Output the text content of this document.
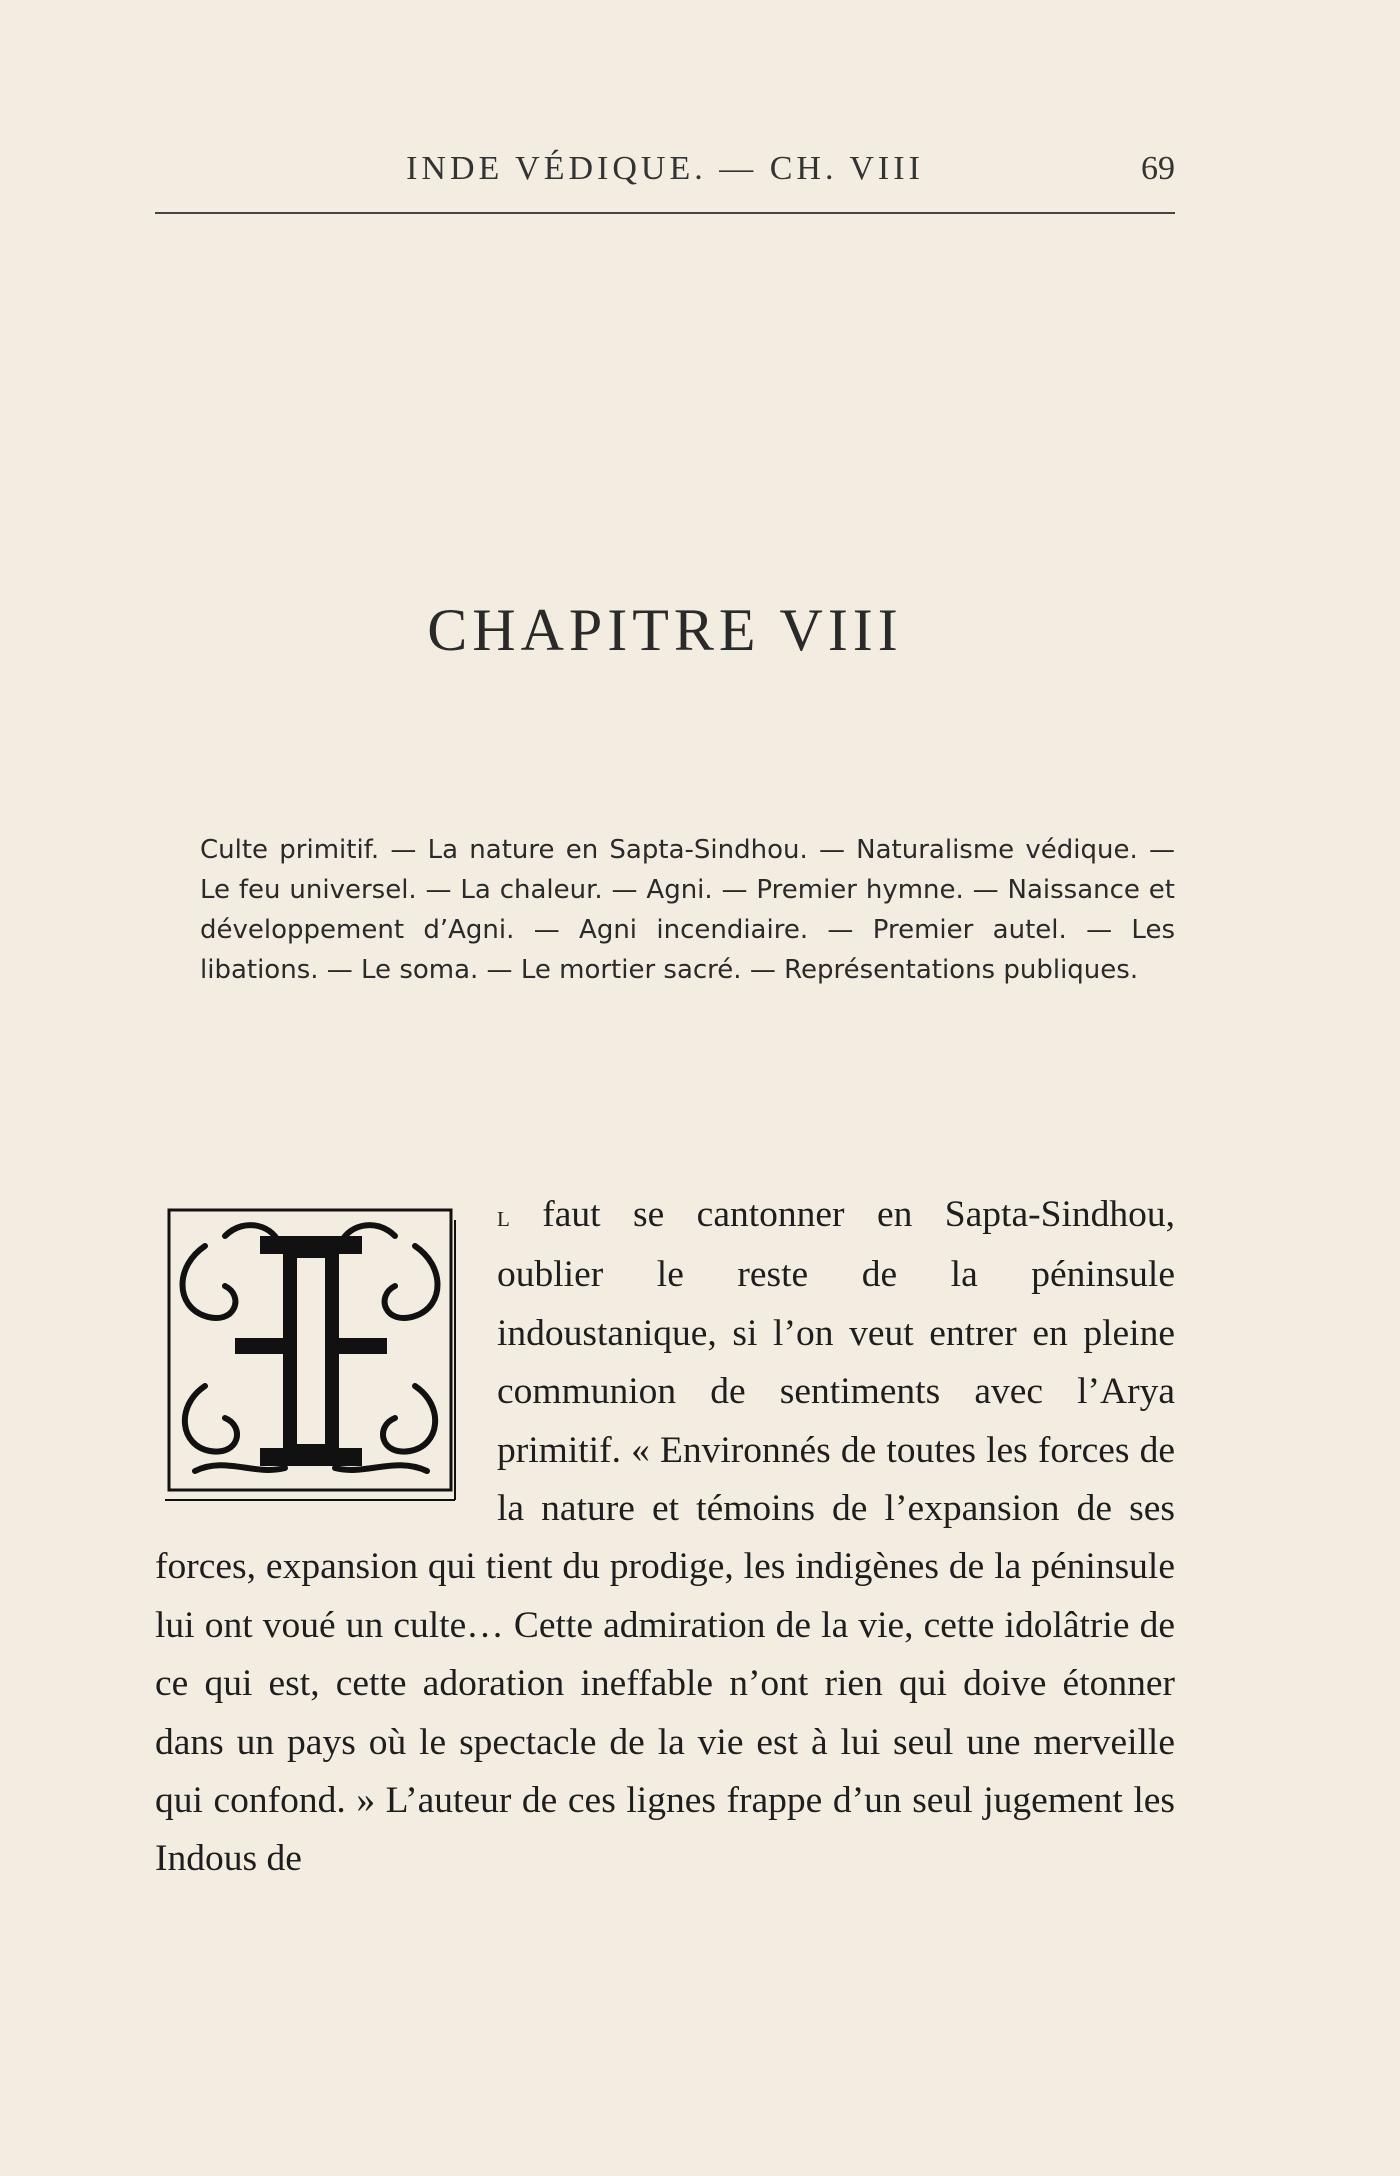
INDE VÉDIQUE. — CH. VIII	69
CHAPITRE VIII

Culte primitif. — La nature en Sapta-Sindhou. — Naturalisme védique. — Le feu universel. — La chaleur. — Agni. — Premier hymne. — Naissance et développement d’Agni. — Agni incendiaire. — Premier autel. — Les libations. — Le soma. — Le mortier sacré. — Représentations publiques.

l faut se cantonner en Sapta-Sindhou, oublier le reste de la péninsule indoustanique, si l’on veut entrer en pleine communion de sentiments avec l’Arya primitif. « Environnés de toutes les forces de la nature et témoins de l’expansion de ses forces, expansion qui tient du prodige, les indigènes de la péninsule lui ont voué un culte… Cette admiration de la vie, cette idolâtrie de ce qui est, cette adoration ineffable n’ont rien qui doive étonner dans un pays où le spectacle de la vie est à lui seul une merveille qui confond. » L’auteur de ces lignes frappe d’un seul jugement les Indous de
